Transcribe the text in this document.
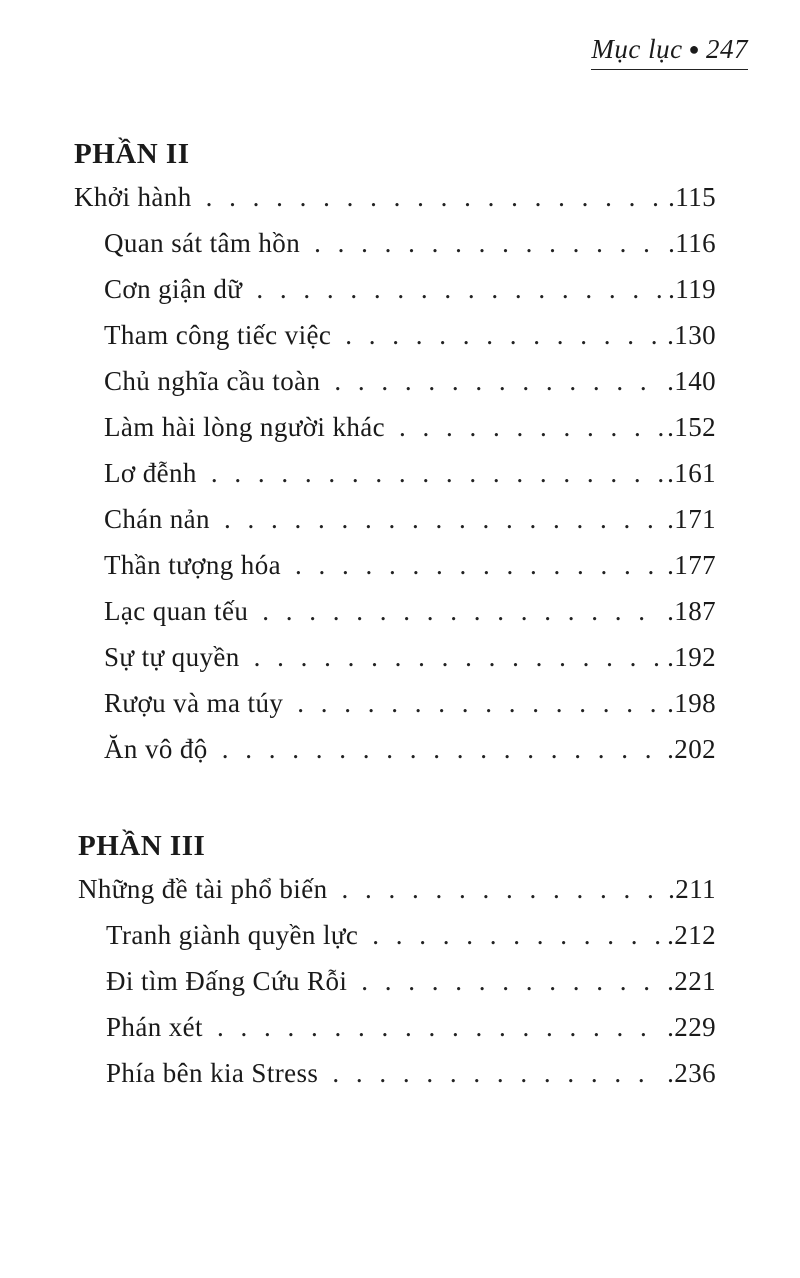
Mục lục ● 247
PHẦN II
Khởi hành . . .	.115
Quan sát tâm hồn . . .	.116
Cơn giận dữ . . .	.119
Tham công tiếc việc . . .	.130
Chủ nghĩa cầu toàn . . .	.140
Làm hài lòng người khác . . .	.152
Lơ đễnh . . .	.161
Chán nản . . .	.171
Thần tượng hóa . . .	.177
Lạc quan tếu . . .	.187
Sự tự quyền . . .	.192
Rượu và ma túy . . .	.198
Ăn vô độ . . .	.202
PHẦN III
Những đề tài phổ biến . . .	.211
Tranh giành quyền lực . . .	.212
Đi tìm Đấng Cứu Rỗi . . .	.221
Phán xét . . .	.229
Phía bên kia Stress . . .	.236
